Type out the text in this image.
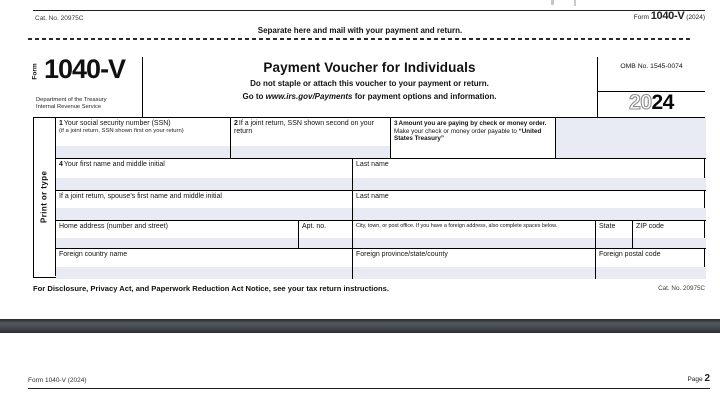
Cat. No. 20975C	Form 1040-V (2024)
Separate here and mail with your payment and return.
Form 1040-V
Department of the Treasury
Internal Revenue Service
Payment Voucher for Individuals
Do not staple or attach this voucher to your payment or return.
Go to www.irs.gov/Payments for payment options and information.
OMB No. 1545-0074
2024
Print or type
1Your social security number (SSN)
(if a joint return, SSN shown first on your return)
2If a joint return, SSN shown second on your return
3Amount you are paying by check or money order. Make your check or money order payable to “United States Treasury”
4Your first name and middle initial	Last name
If a joint return, spouse’s first name and middle initial	Last name
Home address (number and street)	Apt. no.	City, town, or post office. If you have a foreign address, also complete spaces below.	State	ZIP code
Foreign country name	Foreign province/state/county	Foreign postal code
For Disclosure, Privacy Act, and Paperwork Reduction Act Notice, see your tax return instructions.	Cat. No. 20975C
Form 1040-V (2024)	Page 2
